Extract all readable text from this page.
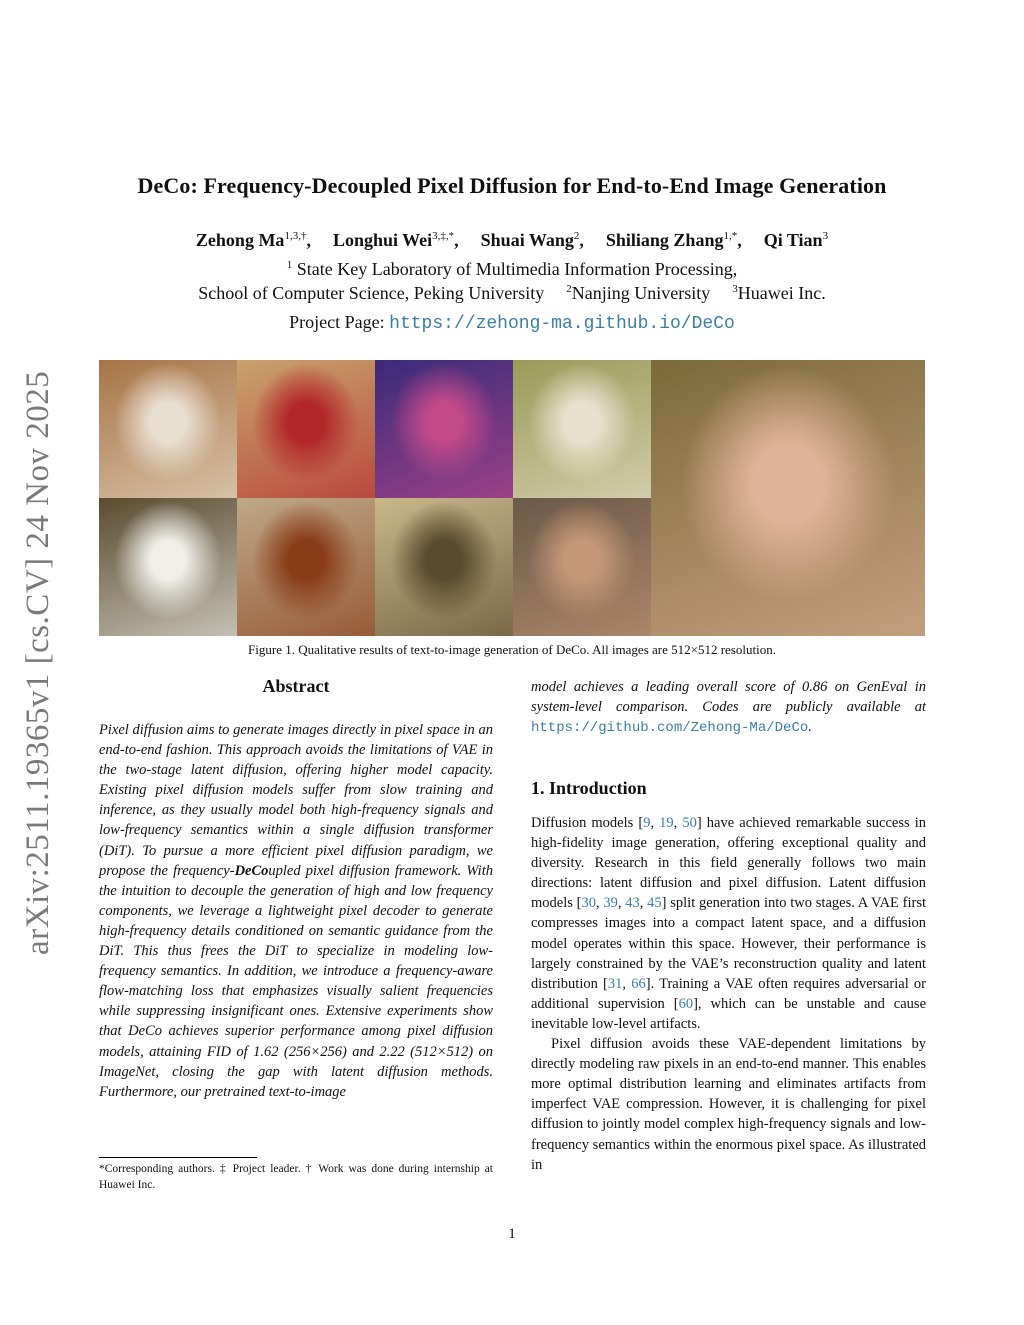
arXiv:2511.19365v1 [cs.CV] 24 Nov 2025
DeCo: Frequency-Decoupled Pixel Diffusion for End-to-End Image Generation
Zehong $Ma^{1,3,\dagger}$, Longhui Wei$^{3,\ddagger,*}$, Shuai Wang$^2$, Shiliang Zhang$^{1,*}$, Qi Tian$^3$
$^1$ State Key Laboratory of Multimedia Information Processing,
School of Computer Science, Peking University $^2$Nanjing University $^3$Huawei Inc.
Project Page: https://zehong-ma.github.io/DeCo
Figure 1. Qualitative results of text-to-image generation of DeCo. All images are 512×512 resolution.
Abstract
Pixel diffusion aims to generate images directly in pixel space in an end-to-end fashion. This approach avoids the limitations of VAE in the two-stage latent diffusion, offering higher model capacity. Existing pixel diffusion models suffer from slow training and inference, as they usually model both high-frequency signals and low-frequency semantics within a single diffusion transformer (DiT). To pursue a more efficient pixel diffusion paradigm, we propose the frequency-DeCoupled pixel diffusion framework. With the intuition to decouple the generation of high and low frequency components, we leverage a lightweight pixel decoder to generate high-frequency details conditioned on semantic guidance from the DiT. This thus frees the DiT to specialize in modeling low-frequency semantics. In addition, we introduce a frequency-aware flow-matching loss that emphasizes visually salient frequencies while suppressing insignificant ones. Extensive experiments show that DeCo achieves superior performance among pixel diffusion models, attaining FID of 1.62 (256×256) and 2.22 (512×512) on ImageNet, closing the gap with latent diffusion methods. Furthermore, our pretrained text-to-image
*Corresponding authors. ‡ Project leader. † Work was done during internship at Huawei Inc.
model achieves a leading overall score of 0.86 on GenEval in system-level comparison. Codes are publicly available at https://github.com/Zehong-Ma/DeCo.
1. Introduction

Diffusion models [9, 19, 50] have achieved remarkable success in high-fidelity image generation, offering exceptional quality and diversity. Research in this field generally follows two main directions: latent diffusion and pixel diffusion. Latent diffusion models [30, 39, 43, 45] split generation into two stages. A VAE first compresses images into a compact latent space, and a diffusion model operates within this space. However, their performance is largely constrained by the VAE’s reconstruction quality and latent distribution [31, 66]. Training a VAE often requires adversarial or additional supervision [60], which can be unstable and cause inevitable low-level artifacts.

Pixel diffusion avoids these VAE-dependent limitations by directly modeling raw pixels in an end-to-end manner. This enables more optimal distribution learning and eliminates artifacts from imperfect VAE compression. However, it is challenging for pixel diffusion to jointly model complex high-frequency signals and low-frequency semantics within the enormous pixel space. As illustrated in

1
